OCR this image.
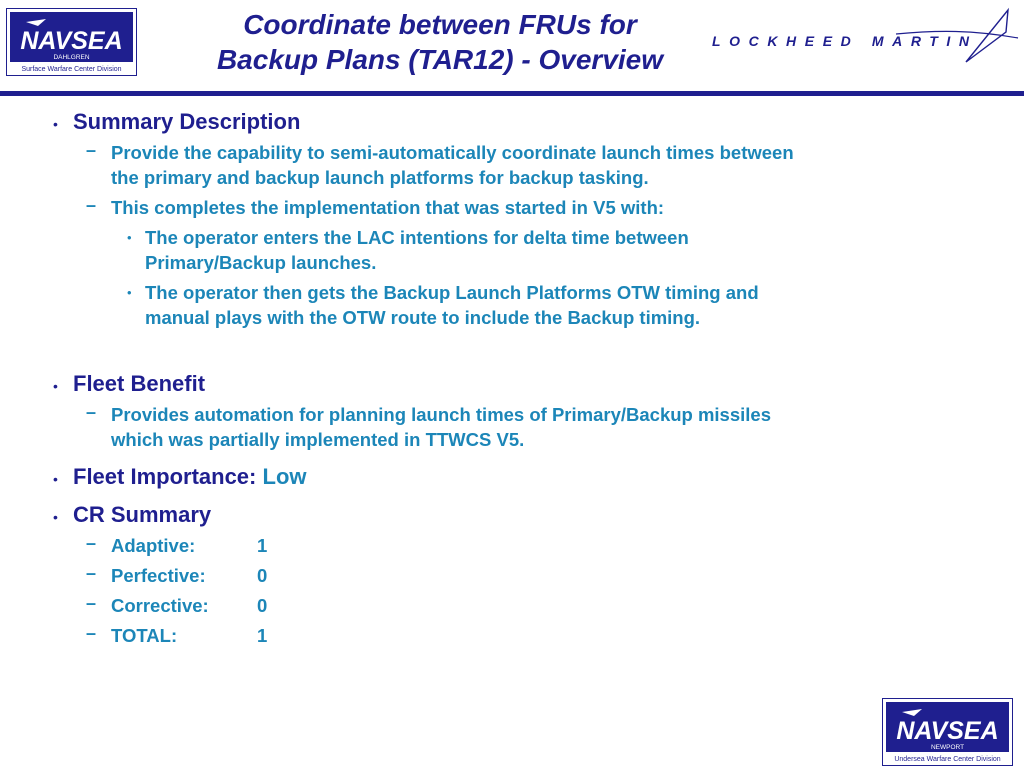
NAVSEA
DAHLGREN
Surface Warfare Center Division
Coordinate between FRUs for
Backup Plans (TAR12) - Overview
LOCKHEED MARTIN
• Summary Description
– Provide the capability to semi-automatically coordinate launch times between
the primary and backup launch platforms for backup tasking.
– This completes the implementation that was started in V5 with:
• The operator enters the LAC intentions for delta time between
Primary/Backup launches.
• The operator then gets the Backup Launch Platforms OTW timing and
manual plays with the OTW route to include the Backup timing.
• Fleet Benefit
– Provides automation for planning launch times of Primary/Backup missiles
which was partially implemented in TTWCS V5.
• Fleet Importance: Low
• CR Summary
– Adaptive:	1
– Perfective:	0
– Corrective:	0
– TOTAL:	1
NAVSEA
NEWPORT
Undersea Warfare Center Division
